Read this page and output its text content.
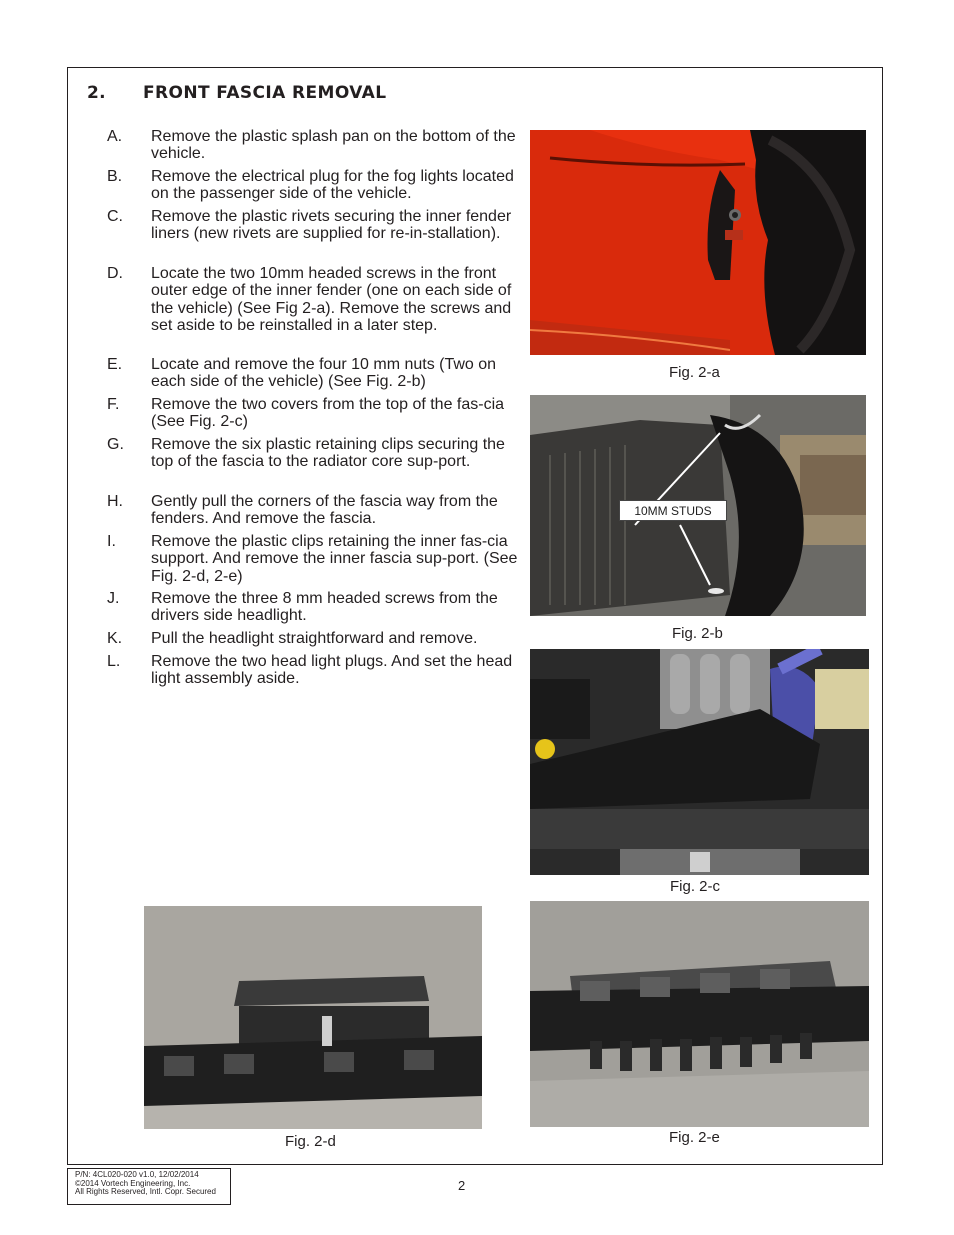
2. FRONT FASCIA REMOVAL
A. Remove the plastic splash pan on the bottom of the vehicle.
B. Remove the electrical plug for the fog lights located on the passenger side of the vehicle.
C. Remove the plastic rivets securing the inner fender liners (new rivets are supplied for re-in-stallation).
D. Locate the two 10mm headed screws in the front outer edge of the inner fender (one on each side of the vehicle) (See Fig 2-a). Remove the screws and set aside to be reinstalled in a later step.
E. Locate and remove the four 10 mm nuts (Two on each side of the vehicle) (See Fig. 2-b)
F. Remove the two covers from the top of the fas-cia (See Fig. 2-c)
G. Remove the six plastic retaining clips securing the top of the fascia to the radiator core sup-port.
H. Gently pull the corners of the fascia way from the fenders. And remove the fascia.
I. Remove the plastic clips retaining the inner fas-cia support. And remove the inner fascia sup-port. (See Fig. 2-d, 2-e)
J. Remove the three 8 mm headed screws from the drivers side headlight.
K. Pull the headlight straightforward and remove.
L. Remove the two head light plugs. And set the head light assembly aside.
Fig. 2-a
10MM STUDS
Fig. 2-b
Fig. 2-c
Fig. 2-d	Fig. 2-e
P/N: 4CL020-020 v1.0, 12/02/2014
©2014 Vortech Engineering, Inc.
All Rights Reserved, Intl. Copr. Secured	2
